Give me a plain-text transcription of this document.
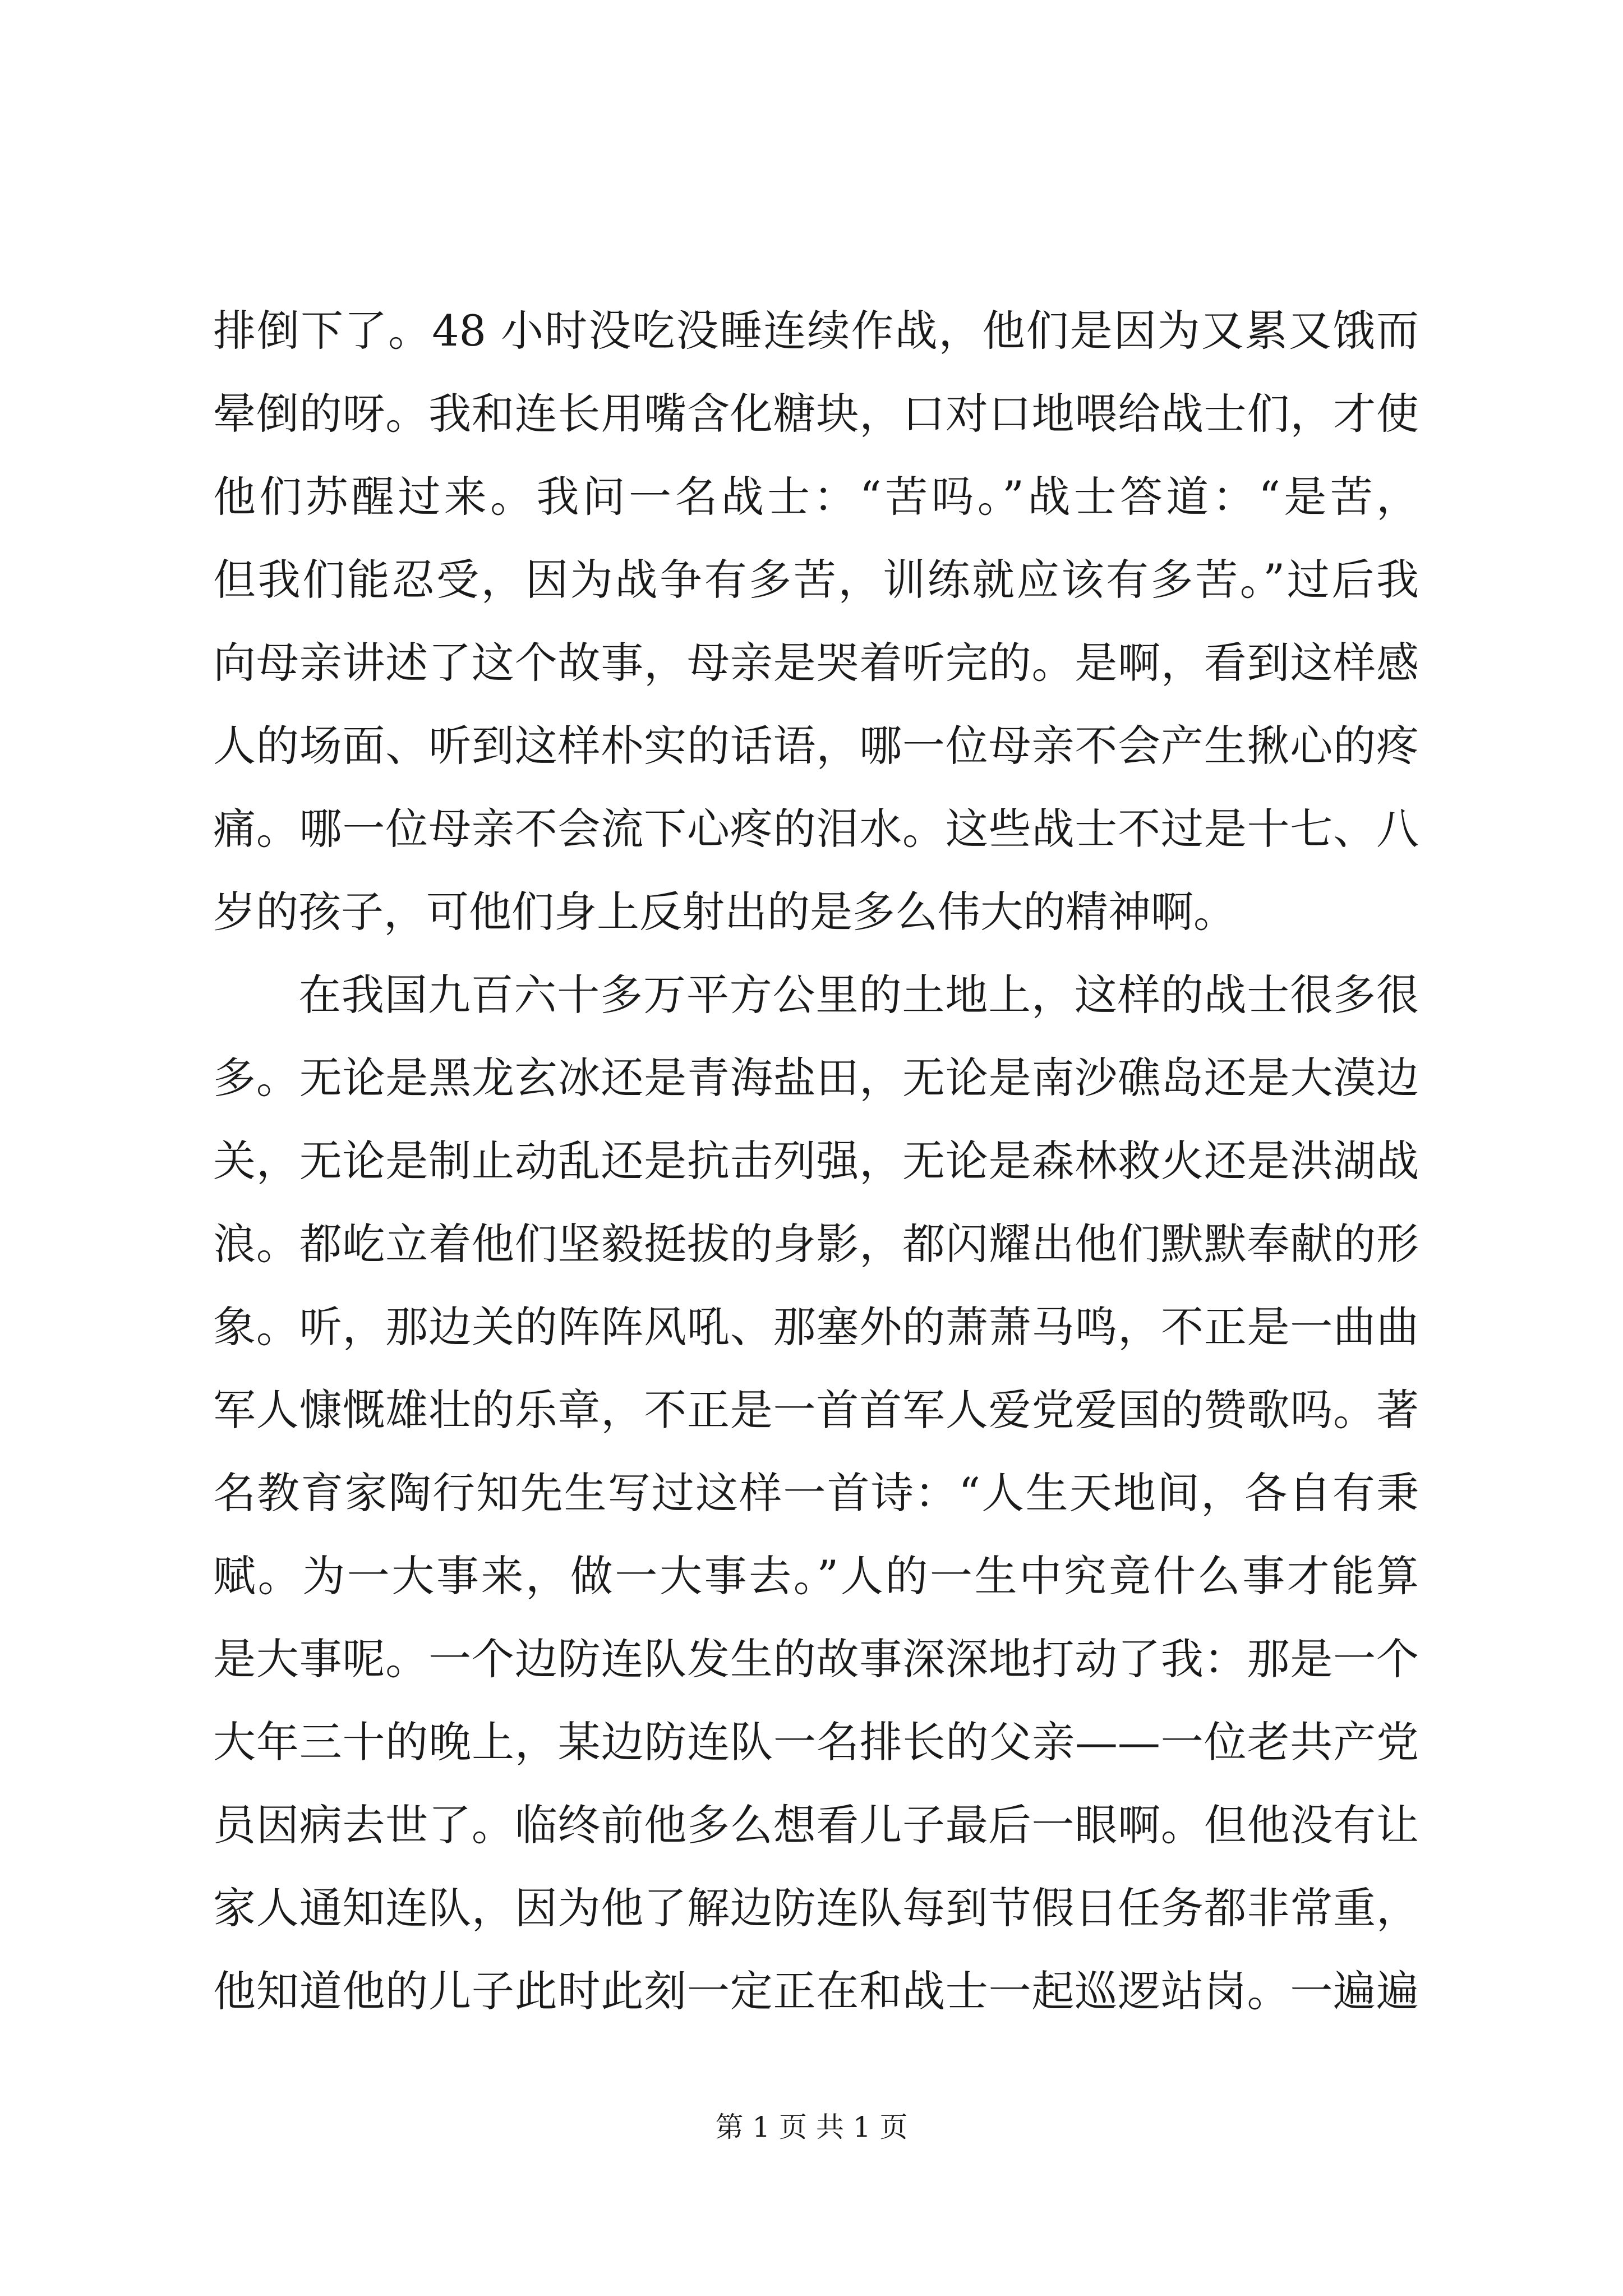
排倒下了。48 小时没吃没睡连续作战，他们是因为又累又饿而
晕倒的呀。我和连长用嘴含化糖块，口对口地喂给战士们，才使
他们苏醒过来。我问一名战士：“苦吗。”战士答道：“是苦，
但我们能忍受，因为战争有多苦，训练就应该有多苦。”过后我
向母亲讲述了这个故事，母亲是哭着听完的。是啊，看到这样感
人的场面、听到这样朴实的话语，哪一位母亲不会产生揪心的疼
痛。哪一位母亲不会流下心疼的泪水。这些战士不过是十七、八
岁的孩子，可他们身上反射出的是多么伟大的精神啊。
在我国九百六十多万平方公里的土地上，这样的战士很多很
多。无论是黑龙玄冰还是青海盐田，无论是南沙礁岛还是大漠边
关，无论是制止动乱还是抗击列强，无论是森林救火还是洪湖战
浪。都屹立着他们坚毅挺拔的身影，都闪耀出他们默默奉献的形
象。听，那边关的阵阵风吼、那塞外的萧萧马鸣，不正是一曲曲
军人慷慨雄壮的乐章，不正是一首首军人爱党爱国的赞歌吗。著
名教育家陶行知先生写过这样一首诗：“人生天地间，各自有秉
赋。为一大事来，做一大事去。”人的一生中究竟什么事才能算
是大事呢。一个边防连队发生的故事深深地打动了我：那是一个
大年三十的晚上，某边防连队一名排长的父亲——一位老共产党
员因病去世了。临终前他多么想看儿子最后一眼啊。但他没有让
家人通知连队，因为他了解边防连队每到节假日任务都非常重，
他知道他的儿子此时此刻一定正在和战士一起巡逻站岗。一遍遍
第 1 页 共 1 页
